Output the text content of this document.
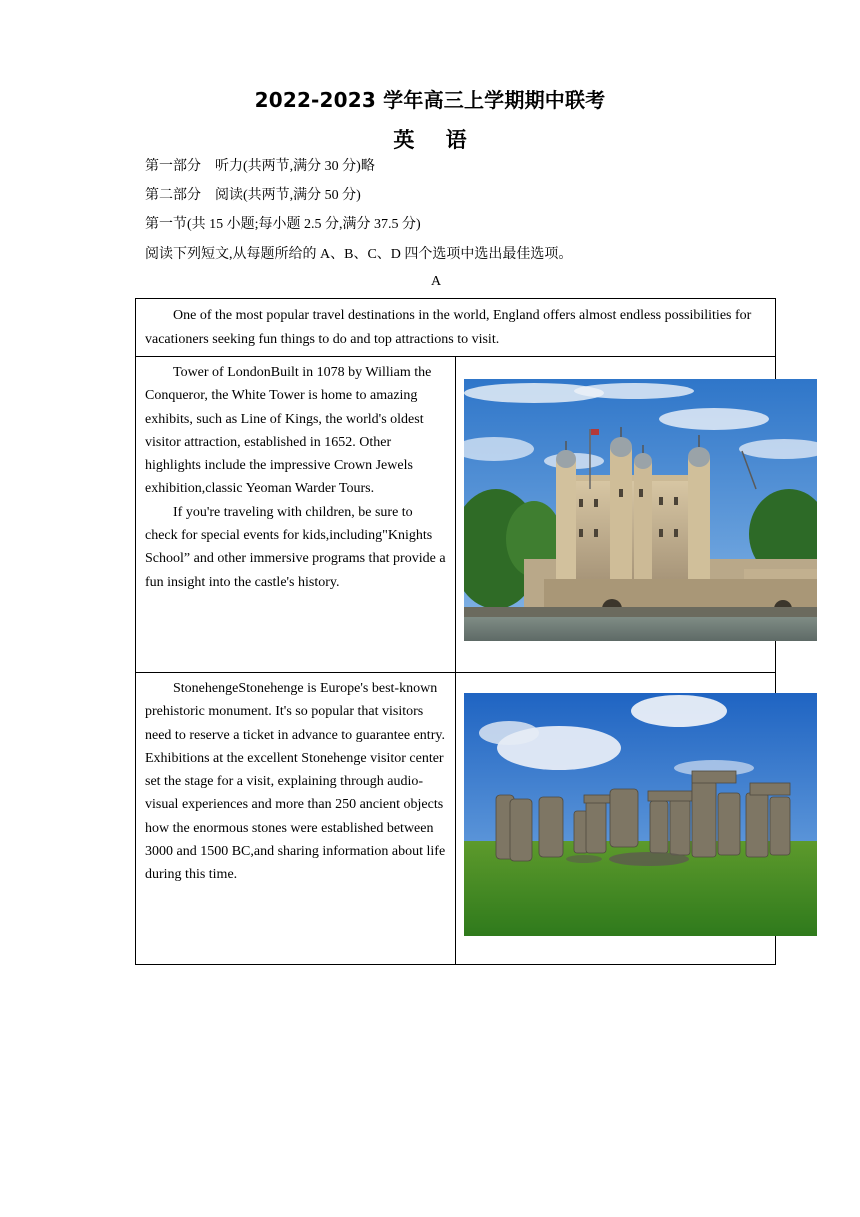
2022-2023 学年高三上学期期中联考
英 语
第一部分　听力(共两节,满分 30 分)略
第二部分　阅读(共两节,满分 50 分)
第一节(共 15 小题;每小题 2.5 分,满分 37.5 分)
阅读下列短文,从每题所给的 A、B、C、D 四个选项中选出最佳选项。
A

One of the most popular travel destinations in the world, England offers almost endless possibilities for vacationers seeking fun things to do and top attractions to visit.	

Tower of LondonBuilt in 1078 by William the Conqueror, the White Tower is home to amazing exhibits, such as Line of Kings, the world's oldest visitor attraction, established in 1652. Other highlights include the impressive Crown Jewels exhibition,classic Yeoman Warder Tours.

If you're traveling with children, be sure to check for special events for kids,including"Knights School” and other immersive programs that provide a fun insight into the castle's history.

StonehengeStonehenge is Europe's best-known prehistoric monument. It's so popular that visitors need to reserve a ticket in advance to guarantee entry. Exhibitions at the excellent Stonehenge visitor center set the stage for a visit, explaining through audio-visual experiences and more than 250 ancient objects how the enormous stones were established between 3000 and 1500 BC,and sharing information about life during this time.
